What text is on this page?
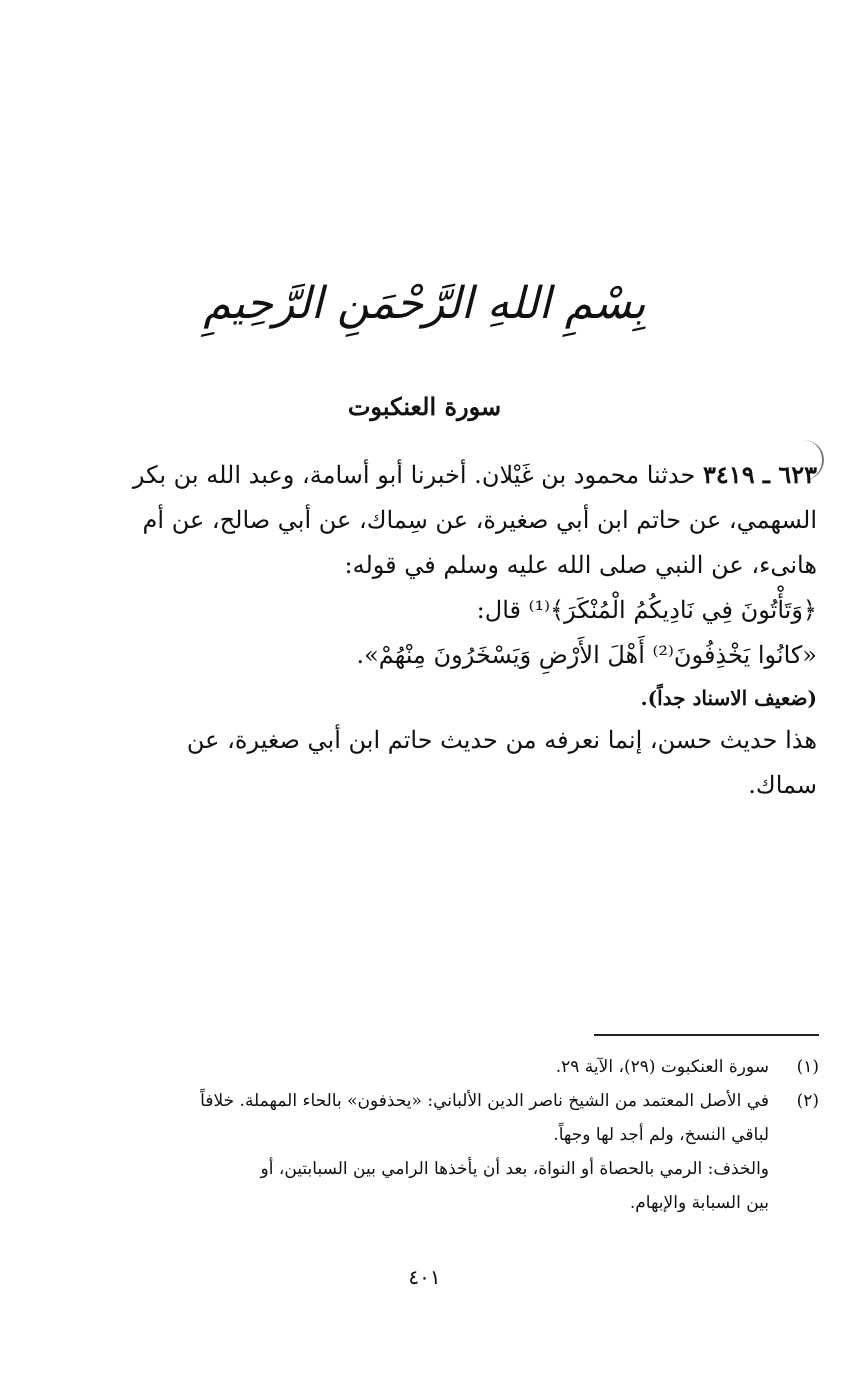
بِسْمِ اللهِ الرَّحْمَنِ الرَّحِيمِ
سورة العنكبوت

٦٢٣ ـ ٣٤١٩ حدثنا محمود بن غَيْلان. أخبرنا أبو أسامة، وعبد الله بن بكر
السهمي، عن حاتم ابن أبي صغيرة، عن سِماك، عن أبي صالح، عن أم
هانىء، عن النبي صلى الله عليه وسلم في قوله:
﴿وَتَأْتُونَ فِي نَادِيكُمُ الْمُنْكَرَ﴾⁽¹⁾ قال:
«كانُوا يَخْذِفُونَ⁽²⁾ أَهْلَ الأَرْضِ وَيَسْخَرُونَ مِنْهُمْ».

(ضعيف الاسناد جداً).

هذا حديث حسن، إنما نعرفه من حديث حاتم ابن أبي صغيرة، عن
سماك.

(١)
سورة العنكبوت (٢٩)، الآية ٢٩.
(٢)
في الأصل المعتمد من الشيخ ناصر الدين الألباني: «يحذفون» بالحاء المهملة. خلافاً
لباقي النسخ، ولم أجد لها وجهاً.
والخذف: الرمي بالحصاة أو النواة، بعد أن يأخذها الرامي بين السبابتين، أو
بين السبابة والإبهام.
٤٠١
